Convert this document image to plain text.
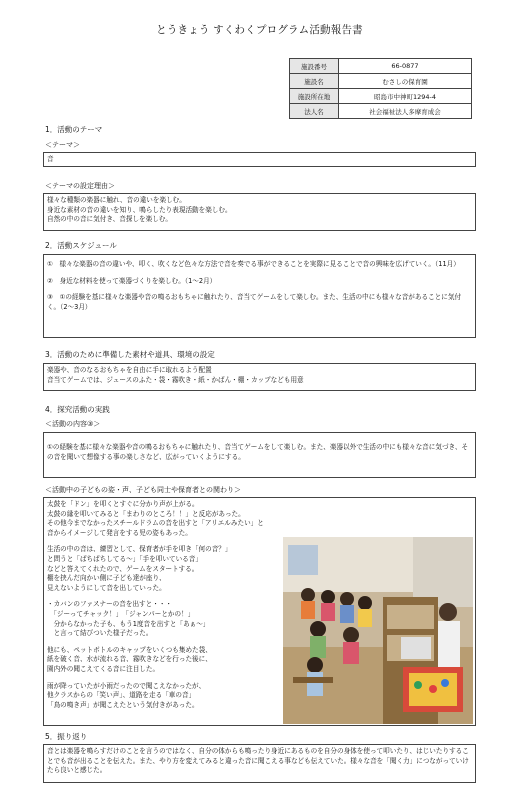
とうきょう すくわくプログラム活動報告書
施設番号	66-0877
施設名	むさしの保育園
施設所在地	昭島市中神町1294-4
法人名	社会福祉法人多摩育成会
1．活動のテーマ
＜テーマ＞

音

＜テーマの設定理由＞

様々な種類の楽器に触れ、音の違いを楽しむ。

身近な素材の音の違いを知り、鳴らしたり表現活動を楽しむ。

自然の中の音に気付き、音探しを楽しむ。

2．活動スケジュール

①　様々な楽器の音の違いや、叩く、吹くなど色々な方法で音を奏でる事ができることを実際に見ることで音の興味を広げていく。（11月）

②　身近な材料を使って楽器づくりを楽しむ。（1～2月）

③　①の経験を基に様々な楽器や音の鳴るおもちゃに触れたり、音当てゲームをして楽しむ。また、生活の中にも様々な音があることに気付く。（2～3月）

3．活動のために準備した素材や道具、環境の設定

楽器や、音のなるおもちゃを自由に手に取れるよう配置

音当てゲームでは、ジュースのふた・袋・霧吹き・紙・かばん・棚・カップなども用意

4．探究活動の実践
＜活動の内容③＞

①の経験を基に様々な楽器や音の鳴るおもちゃに触れたり、音当てゲームをして楽しむ。また、楽器以外で生活の中にも様々な音に気づき、その音を聞いて想像する事の楽しさなど、広がっていくようにする。

＜活動中の子どもの姿・声、子ども同士や保育者との関わり＞

太鼓を「ドン」を叩くとすぐに分かり声が上がる。

太鼓の縁を叩いてみると「まわりのところ！！」と反応があった。

その他今までなかったスチールドラムの音を出すと「アリエルみたい」と

音からイメージして発言をする児の姿もあった。

生活の中の音は、練習として、保育者が手を叩き「何の音？」

と問うと「ぱちぱちしてる～」「手を叩いている音」

などと答えてくれたので、ゲームをスタートする。

棚を挟んだ向かい側に子ども達が座り、

見えないようにして音を出していった。

・カバンのファスナーの音を出すと・・・

　「ジーってチャック！」　「ジャンパーとかの！」

　分からなかった子も、もう1度音を出すと「あぁ～」

　と言って結びついた様子だった。

他にも、ペットボトルのキャップをいくつも集めた袋、

紙を破く音、水が流れる音、霧吹きなどを行った後に、

園内外の聞こえてくる音に注目した。

雨が降っていたが小雨だったので聞こえなかったが、

他クラスからの「笑い声」、道路を走る「車の音」

「鳥の鳴き声」が聞こえたという気付きがあった。

5．振り返り

音とは楽器を鳴らすだけのことを言うのではなく、自分の体からも鳴ったり身近にあるものを自分の身体を使って叩いたり、はじいたりすることでも音が出ることを伝えた。また、やり方を変えてみると違った音に聞こえる事なども伝えていた。様々な音を「聞く力」につながっていけたら良いと感じた。
